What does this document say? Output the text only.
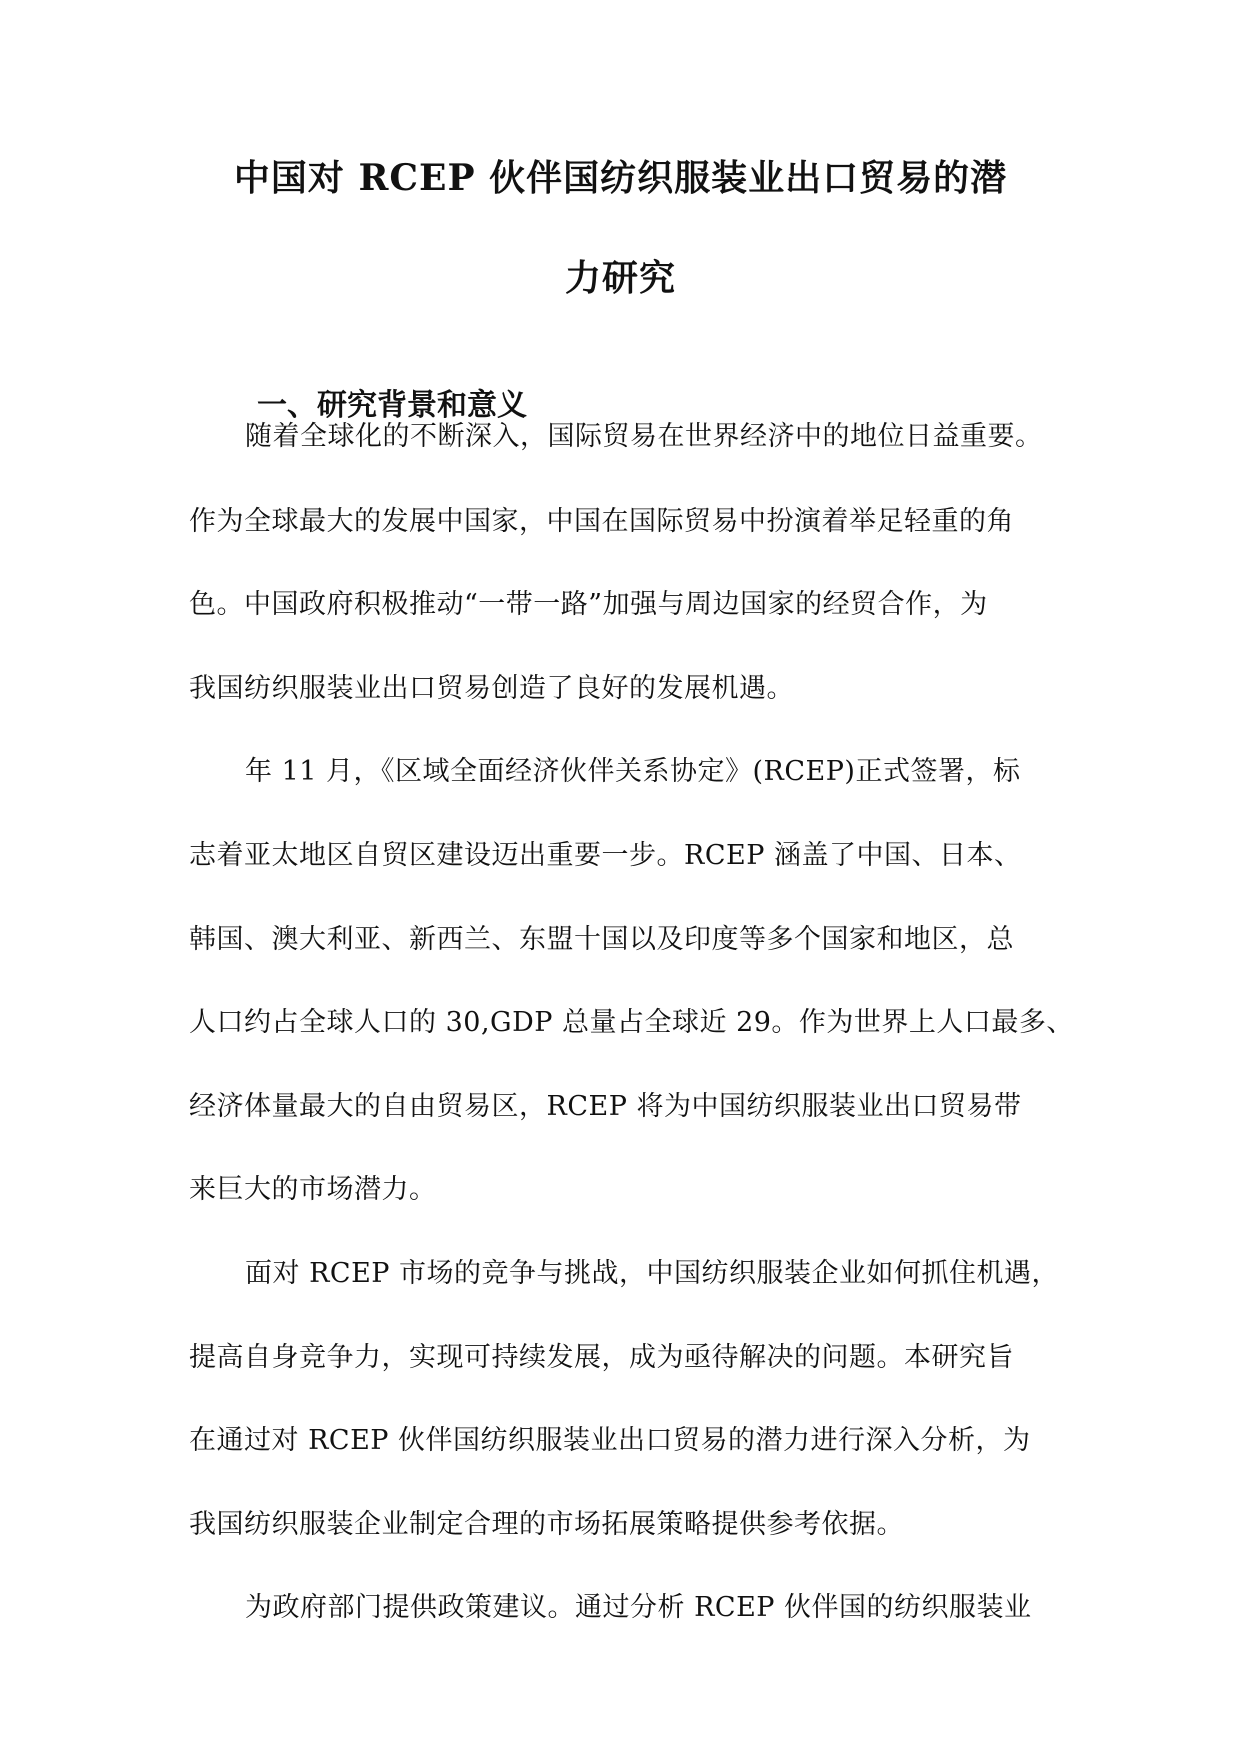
中国对 RCEP 伙伴国纺织服装业出口贸易的潜
力研究
一、研究背景和意义
随着全球化的不断深入，国际贸易在世界经济中的地位日益重要。
作为全球最大的发展中国家，中国在国际贸易中扮演着举足轻重的角
色。中国政府积极推动“一带一路”加强与周边国家的经贸合作，为
我国纺织服装业出口贸易创造了良好的发展机遇。
年 11 月，《区域全面经济伙伴关系协定》(RCEP)正式签署，标
志着亚太地区自贸区建设迈出重要一步。RCEP 涵盖了中国、日本、
韩国、澳大利亚、新西兰、东盟十国以及印度等多个国家和地区，总
人口约占全球人口的 30,GDP 总量占全球近 29。作为世界上人口最多、
经济体量最大的自由贸易区，RCEP 将为中国纺织服装业出口贸易带
来巨大的市场潜力。
面对 RCEP 市场的竞争与挑战，中国纺织服装企业如何抓住机遇，
提高自身竞争力，实现可持续发展，成为亟待解决的问题。本研究旨
在通过对 RCEP 伙伴国纺织服装业出口贸易的潜力进行深入分析，为
我国纺织服装企业制定合理的市场拓展策略提供参考依据。
为政府部门提供政策建议。通过分析 RCEP 伙伴国的纺织服装业
